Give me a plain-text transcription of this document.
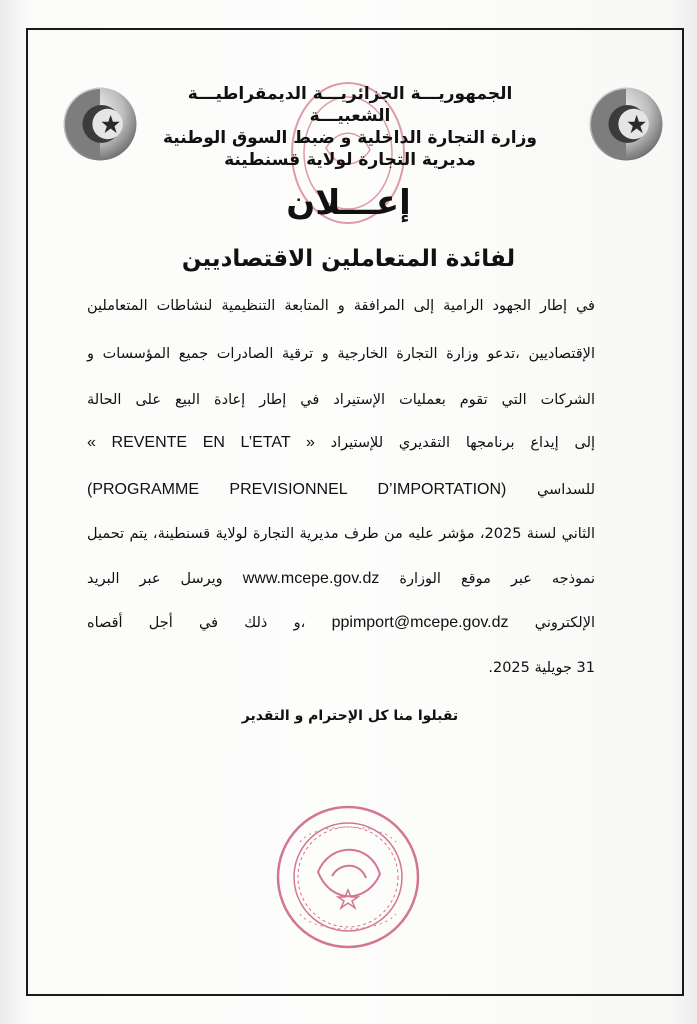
الجمهوريـــة الجزائريـــة الديمقراطيـــة الشعبيـــة
وزارة التجارة الداخلية و ضبط السوق الوطنية
مديرية التجارة لولاية قسنطينة
إعـــلان
لفائدة المتعاملين الاقتصاديين
في إطار الجهود الرامية إلى المرافقة و المتابعة التنظيمية لنشاطات المتعاملين
الإقتصاديين ،تدعو وزارة التجارة الخارجية و ترقية الصادرات جميع المؤسسات و
الشركات التي تقوم بعمليات الإستيراد في إطار إعادة البيع على الحالة
إلى إيداع برنامجها التقديري للإستيراد « REVENTE EN L’ETAT »
للسداسي (PROGRAMME PREVISIONNEL D’IMPORTATION)
الثاني لسنة 2025، مؤشر عليه من طرف مديرية التجارة لولاية قسنطينة، يتم تحميل
نموذجه عبر موقع الوزارة www.mcepe.gov.dz ويرسل عبر البريد
الإلكتروني ppimport@mcepe.gov.dz ،و ذلك في أجل أقصاه
31 جويلية 2025.
تقبلوا منا كل الإحترام و التقدير
